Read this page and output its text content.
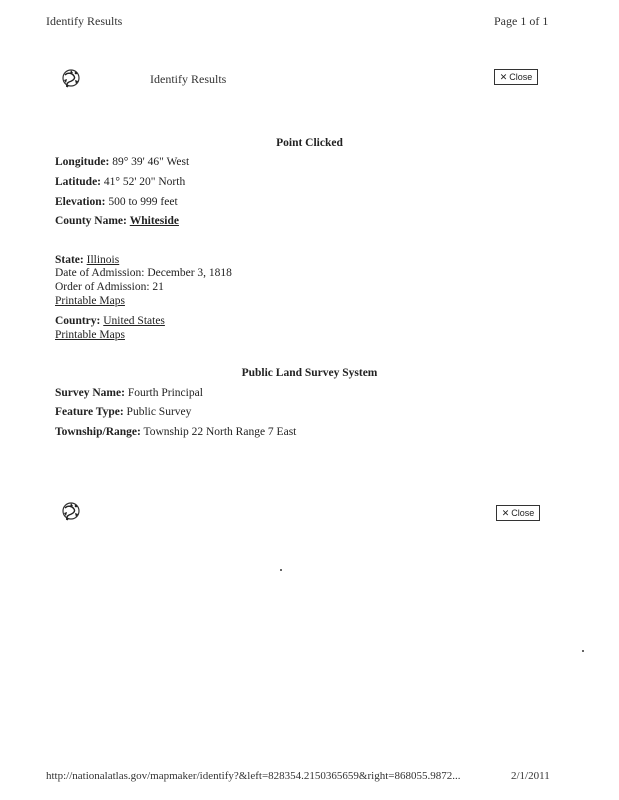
Identify Results	Page 1 of 1
Identify Results	✕ Close
Point Clicked
Longitude: 89° 39' 46" West
Latitude: 41° 52' 20" North
Elevation: 500 to 999 feet
County Name: Whiteside
State: Illinois
Date of Admission: December 3, 1818
Order of Admission: 21
Printable Maps
Country: United States
Printable Maps
Public Land Survey System
Survey Name: Fourth Principal
Feature Type: Public Survey
Township/Range: Township 22 North Range 7 East
✕ Close
http://nationalatlas.gov/mapmaker/identify?&left=828354.2150365659&right=868055.9872...	2/1/2011
